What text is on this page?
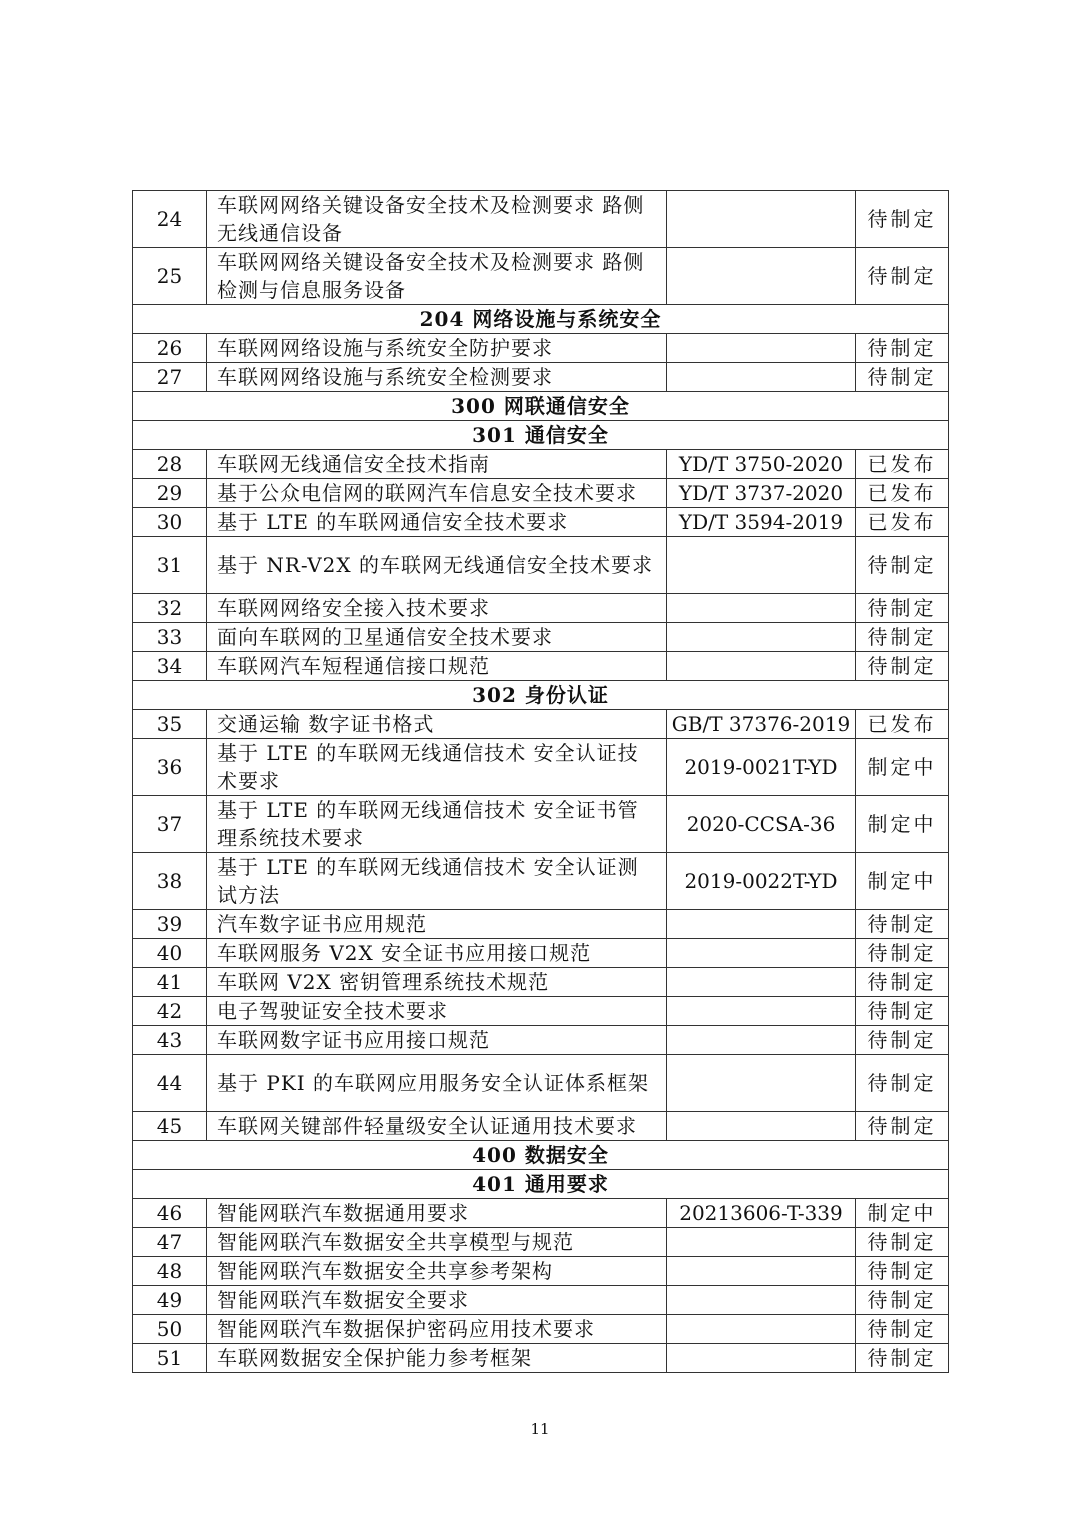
24	车联网网络关键设备安全技术及检测要求 路侧无线通信设备		待制定
25	车联网网络关键设备安全技术及检测要求 路侧检测与信息服务设备		待制定
204 网络设施与系统安全			
26	车联网网络设施与系统安全防护要求		待制定
27	车联网网络设施与系统安全检测要求		待制定
300 网联通信安全			
301 通信安全			
28	车联网无线通信安全技术指南	YD/T 3750-2020	已发布
29	基于公众电信网的联网汽车信息安全技术要求	YD/T 3737-2020	已发布
30	基于 LTE 的车联网通信安全技术要求	YD/T 3594-2019	已发布
31	基于 NR-V2X 的车联网无线通信安全技术要求		待制定
32	车联网网络安全接入技术要求		待制定
33	面向车联网的卫星通信安全技术要求		待制定
34	车联网汽车短程通信接口规范		待制定
302 身份认证			
35	交通运输 数字证书格式	GB/T 37376-2019	已发布
36	基于 LTE 的车联网无线通信技术 安全认证技术要求	2019-0021T-YD	制定中
37	基于 LTE 的车联网无线通信技术 安全证书管理系统技术要求	2020-CCSA-36	制定中
38	基于 LTE 的车联网无线通信技术 安全认证测试方法	2019-0022T-YD	制定中
39	汽车数字证书应用规范		待制定
40	车联网服务 V2X 安全证书应用接口规范		待制定
41	车联网 V2X 密钥管理系统技术规范		待制定
42	电子驾驶证安全技术要求		待制定
43	车联网数字证书应用接口规范		待制定
44	基于 PKI 的车联网应用服务安全认证体系框架		待制定
45	车联网关键部件轻量级安全认证通用技术要求		待制定
400 数据安全			
401 通用要求			
46	智能网联汽车数据通用要求	20213606-T-339	制定中
47	智能网联汽车数据安全共享模型与规范		待制定
48	智能网联汽车数据安全共享参考架构		待制定
49	智能网联汽车数据安全要求		待制定
50	智能网联汽车数据保护密码应用技术要求		待制定
51	车联网数据安全保护能力参考框架		待制定
11
